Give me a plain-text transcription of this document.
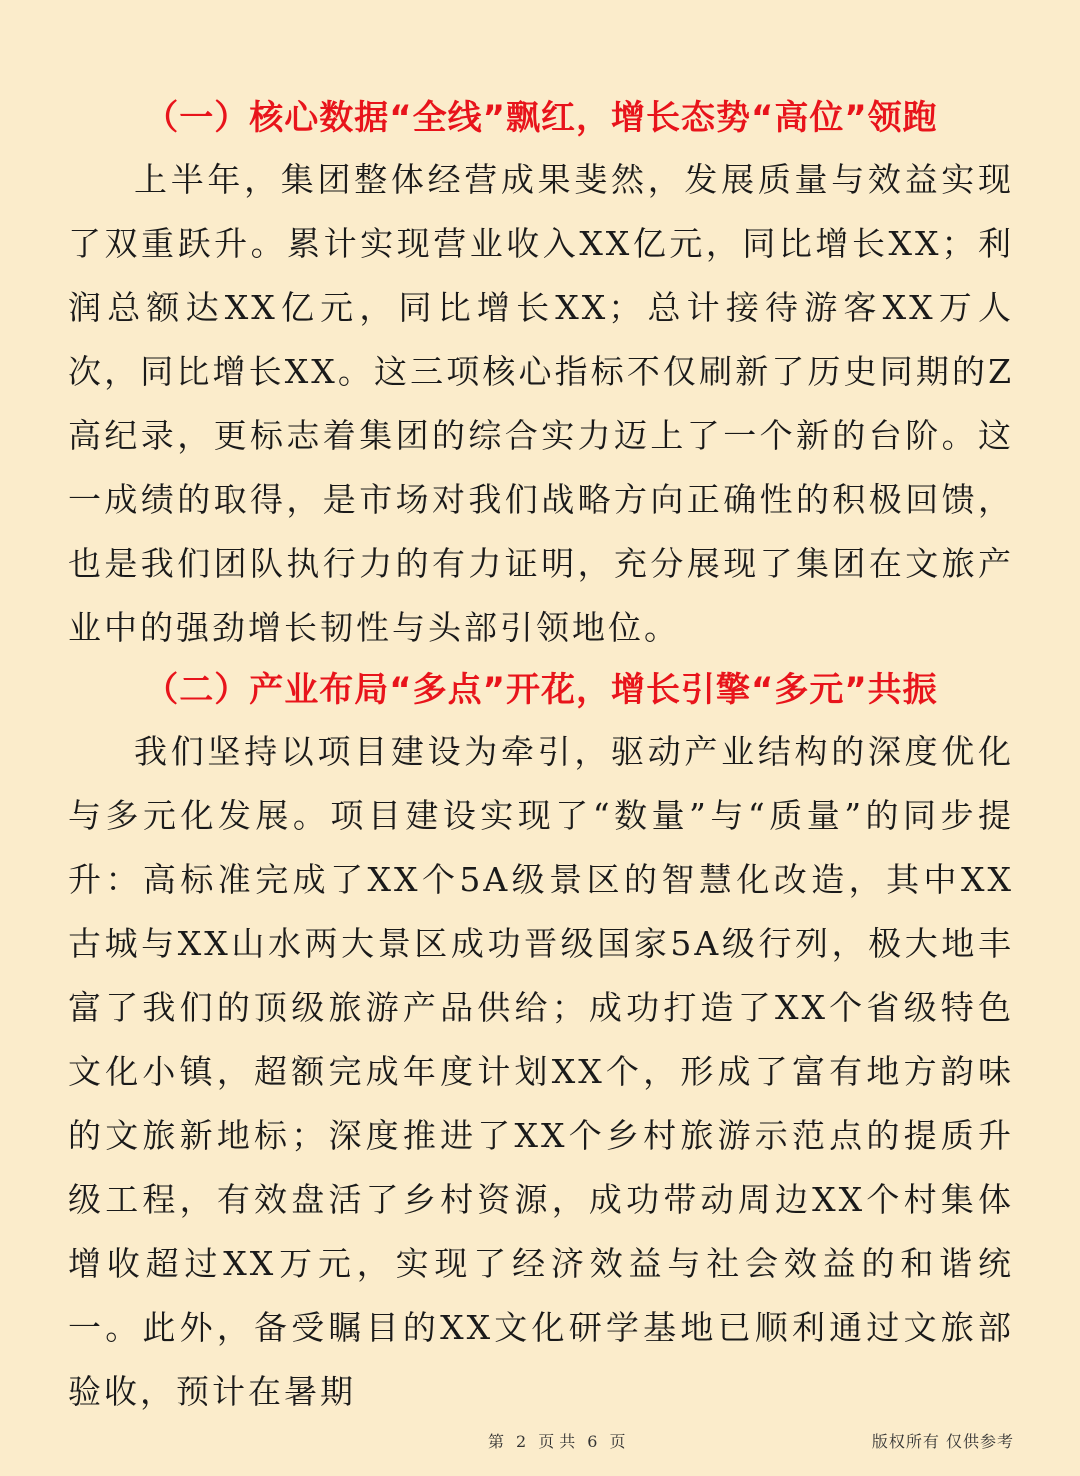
（一）核心数据“全线”飘红，增长态势“高位”领跑

上半年，集团整体经营成果斐然，发展质量与效益实现了双重跃升。累计实现营业收入XX亿元，同比增长XX；利润总额达XX亿元，同比增长XX；总计接待游客XX万人次，同比增长XX。这三项核心指标不仅刷新了历史同期的Z高纪录，更标志着集团的综合实力迈上了一个新的台阶。这一成绩的取得，是市场对我们战略方向正确性的积极回馈，也是我们团队执行力的有力证明，充分展现了集团在文旅产业中的强劲增长韧性与头部引领地位。

（二）产业布局“多点”开花，增长引擎“多元”共振

我们坚持以项目建设为牵引，驱动产业结构的深度优化与多元化发展。项目建设实现了“数量”与“质量”的同步提升：高标准完成了XX个5A级景区的智慧化改造，其中XX古城与XX山水两大景区成功晋级国家5A级行列，极大地丰富了我们的顶级旅游产品供给；成功打造了XX个省级特色文化小镇，超额完成年度计划XX个，形成了富有地方韵味的文旅新地标；深度推进了XX个乡村旅游示范点的提质升级工程，有效盘活了乡村资源，成功带动周边XX个村集体增收超过XX万元，实现了经济效益与社会效益的和谐统一。此外，备受瞩目的XX文化研学基地已顺利通过文旅部验收，预计在暑期

第 2 页 共 6 页	版权所有 仅供参考
